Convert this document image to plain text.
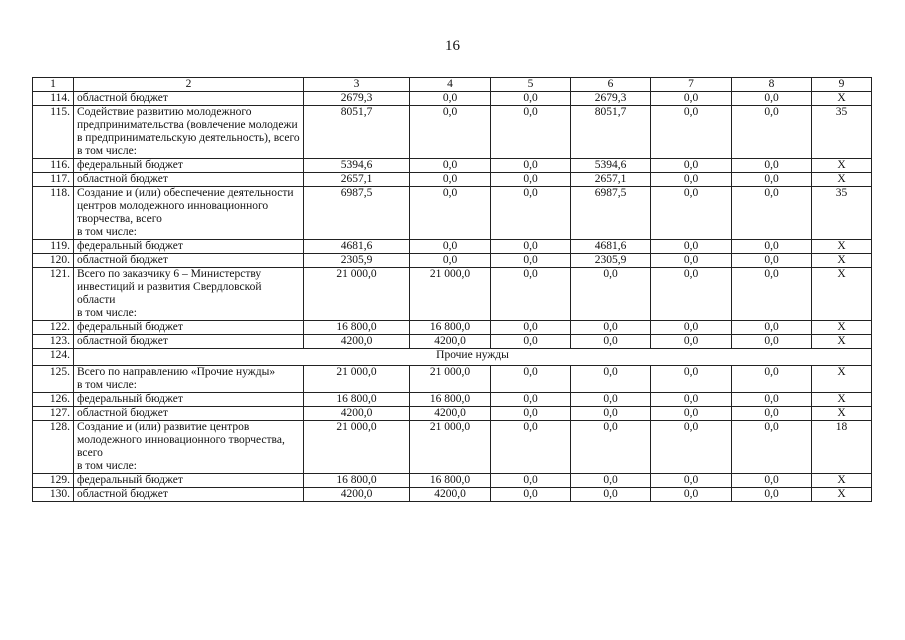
16
1	2	3	4	5	6	7	8	9
114.	областной бюджет	2679,3	0,0	0,0	2679,3	0,0	0,0	Х
115.	Содействие развитию молодежного предпринимательства (вовлечение молодежи в предпринимательскую деятельность), всего
в том числе:	8051,7	0,0	0,0	8051,7	0,0	0,0	35
116.	федеральный бюджет	5394,6	0,0	0,0	5394,6	0,0	0,0	Х
117.	областной бюджет	2657,1	0,0	0,0	2657,1	0,0	0,0	Х
118.	Создание и (или) обеспечение деятельности центров молодежного инновационного творчества, всего
в том числе:	6987,5	0,0	0,0	6987,5	0,0	0,0	35
119.	федеральный бюджет	4681,6	0,0	0,0	4681,6	0,0	0,0	Х
120.	областной бюджет	2305,9	0,0	0,0	2305,9	0,0	0,0	Х
121.	Всего по заказчику 6 – Министерству инвестиций и развития Свердловской области
в том числе:	21 000,0	21 000,0	0,0	0,0	0,0	0,0	Х
122.	федеральный бюджет	16 800,0	16 800,0	0,0	0,0	0,0	0,0	Х
123.	областной бюджет	4200,0	4200,0	0,0	0,0	0,0	0,0	Х
124.	Прочие нужды							
125.	Всего по направлению «Прочие нужды»
в том числе:	21 000,0	21 000,0	0,0	0,0	0,0	0,0	Х
126.	федеральный бюджет	16 800,0	16 800,0	0,0	0,0	0,0	0,0	Х
127.	областной бюджет	4200,0	4200,0	0,0	0,0	0,0	0,0	Х
128.	Создание и (или) развитие центров молодежного инновационного творчества, всего
в том числе:	21 000,0	21 000,0	0,0	0,0	0,0	0,0	18
129.	федеральный бюджет	16 800,0	16 800,0	0,0	0,0	0,0	0,0	Х
130.	областной бюджет	4200,0	4200,0	0,0	0,0	0,0	0,0	Х
